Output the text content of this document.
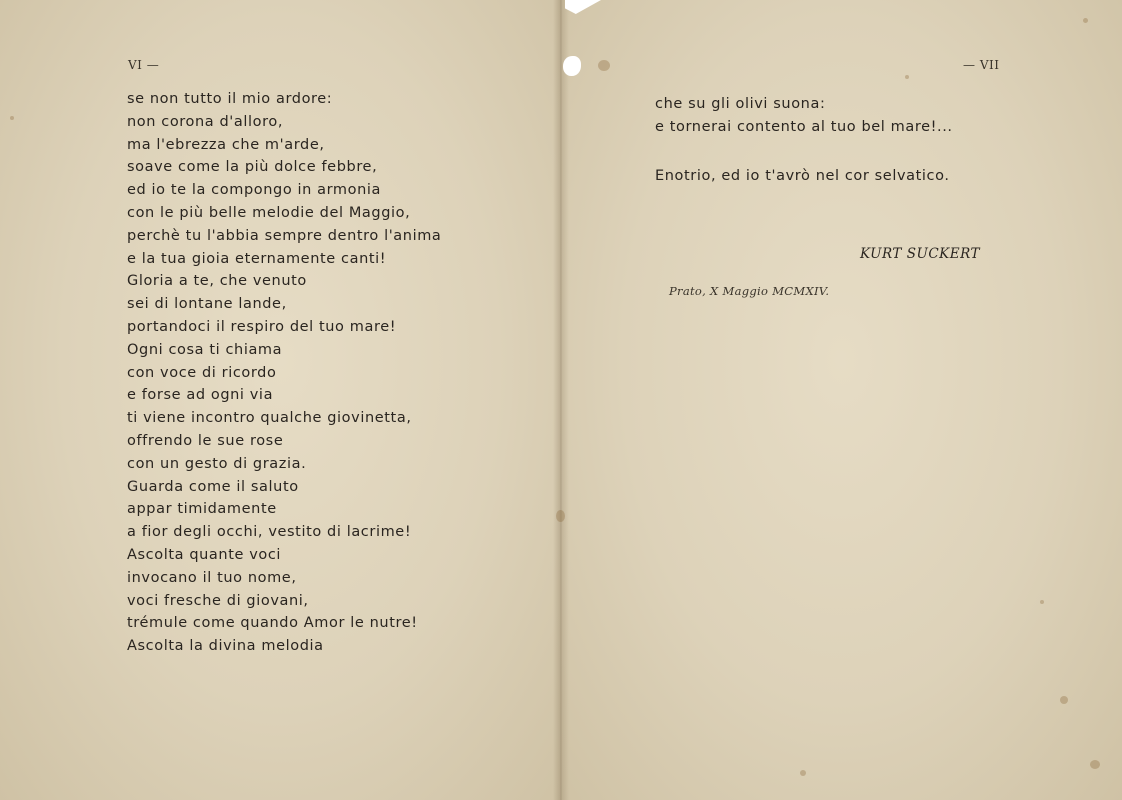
VI —
se non tutto il mio ardore:
non corona d'alloro,
ma l'ebrezza che m'arde,
soave come la più dolce febbre,
ed io te la compongo in armonia
con le più belle melodie del Maggio,
perchè tu l'abbia sempre dentro l'anima
e la tua gioia eternamente canti!
Gloria a te, che venuto
sei di lontane lande,
portandoci il respiro del tuo mare!
Ogni cosa ti chiama
con voce di ricordo
e forse ad ogni via
ti viene incontro qualche giovinetta,
offrendo le sue rose
con un gesto di grazia.
Guarda come il saluto
appar timidamente
a fior degli occhi, vestito di lacrime!
Ascolta quante voci
invocano il tuo nome,
voci fresche di giovani,
trémule come quando Amor le nutre!
Ascolta la divina melodia
— VII
che su gli olivi suona:
e tornerai contento al tuo bel mare!...
Enotrio, ed io t'avrò nel cor selvatico.
KURT SUCKERT
Prato, X Maggio MCMXIV.
